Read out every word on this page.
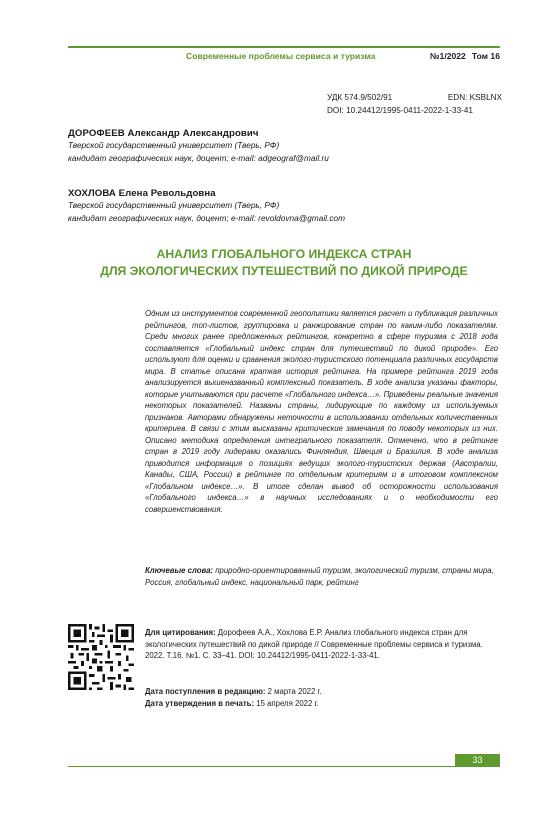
Современные проблемы сервиса и туризма	№1/2022 Том 16
УДК 574.9/502/91	EDN: KSBLNX
DOI: 10.24412/1995-0411-2022-1-33-41
ДОРОФЕЕВ Александр Александрович
Тверской государственный университет (Тверь, РФ)
кандидат географических наук, доцент; e-mail: adgeograf@mail.ru
ХОХЛОВА Елена Револьдовна
Тверской государственный университет (Тверь, РФ)
кандидат географических наук, доцент; e-mail: revoldovna@gmail.com
АНАЛИЗ ГЛОБАЛЬНОГО ИНДЕКСА СТРАН
ДЛЯ ЭКОЛОГИЧЕСКИХ ПУТЕШЕСТВИЙ ПО ДИКОЙ ПРИРОДЕ

Одним из инструментов современной геополитики является расчет и публикация различных рейтингов, топ-листов, группировка и ранжирование стран по каким-либо показателям. Среди многих ранее предложенных рейтингов, конкретно в сфере туризма с 2018 года составляется «Глобальный индекс стран для путешествий по дикой природе». Его используют для оценки и сравнения эколого-туристского потенциала различных государств мира. В статье описана краткая история рейтинга. На примере рейтинга 2019 года анализируется вышеназванный комплексный показатель. В ходе анализа указаны факторы, которые учитываются при расчете «Глобального индекса…». Приведены реальные значения некоторых показателей. Названы страны, лидирующие по каждому из используемых признаков. Авторами обнаружены неточности в использовании отдельных количественных критериев. В связи с этим высказаны критические замечания по поводу некоторых из них. Описано методика определения интегрального показателя. Отмечено, что в рейтинге стран в 2019 году лидерами оказались Финляндия, Швеция и Бразилия. В ходе анализа приводится информация о позициях ведущих эколого-туристских держав (Австралии, Канады, США, России) в рейтинге по отдельным критериям и в итоговом комплексном «Глобальном индексе…». В итоге сделан вывод об осторожности использования «Глобального индекса…» в научных исследованиях и о необходимости его совершенствования.

Ключевые слова: природно-ориентированный туризм, экологический туризм, страны мира, Россия, глобальный индекс, национальный парк, рейтинг

Для цитирования: Дорофеев А.А., Хохлова Е.Р. Анализ глобального индекса стран для экологических путешествий по дикой природе // Современные проблемы сервиса и туризма. 2022. Т.16. №1. С. 33–41. DOI: 10.24412/1995-0411-2022-1-33-41.

Дата поступления в редакцию: 2 марта 2022 г.
Дата утверждения в печать: 15 апреля 2022 г.
33
